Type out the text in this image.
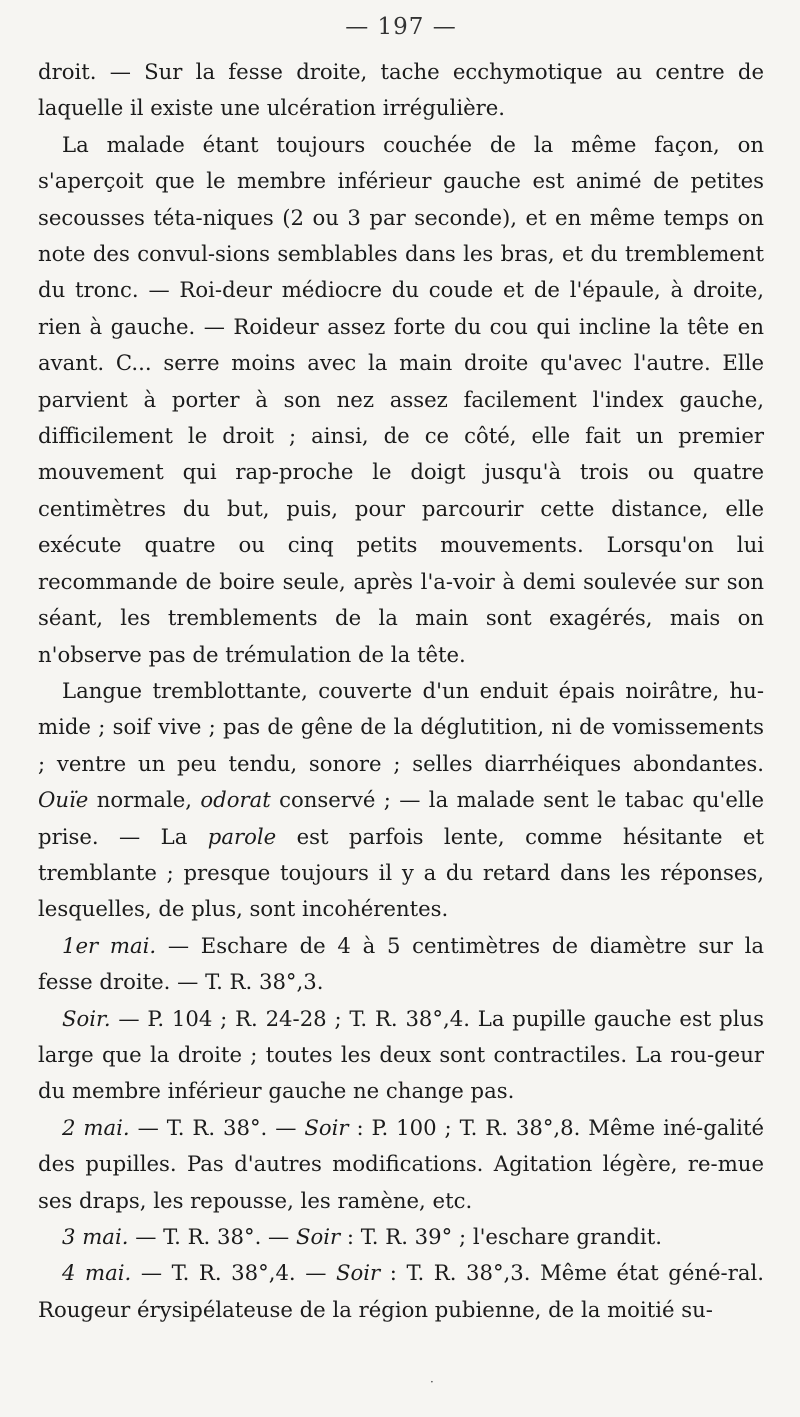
— 197 —

droit. — Sur la fesse droite, tache ecchymotique au centre de laquelle il existe une ulcération irrégulière.

La malade étant toujours couchée de la même façon, on s'aperçoit que le membre inférieur gauche est animé de petites secousses téta-niques (2 ou 3 par seconde), et en même temps on note des convul-sions semblables dans les bras, et du tremblement du tronc. — Roi-deur médiocre du coude et de l'épaule, à droite, rien à gauche. — Roideur assez forte du cou qui incline la tête en avant. C... serre moins avec la main droite qu'avec l'autre. Elle parvient à porter à son nez assez facilement l'index gauche, difficilement le droit ; ainsi, de ce côté, elle fait un premier mouvement qui rap-proche le doigt jusqu'à trois ou quatre centimètres du but, puis, pour parcourir cette distance, elle exécute quatre ou cinq petits mouvements. Lorsqu'on lui recommande de boire seule, après l'a-voir à demi soulevée sur son séant, les tremblements de la main sont exagérés, mais on n'observe pas de trémulation de la tête.

Langue tremblottante, couverte d'un enduit épais noirâtre, hu-mide ; soif vive ; pas de gêne de la déglutition, ni de vomissements ; ventre un peu tendu, sonore ; selles diarrhéiques abondantes. Ouïe normale, odorat conservé ; — la malade sent le tabac qu'elle prise. — La parole est parfois lente, comme hésitante et tremblante ; presque toujours il y a du retard dans les réponses, lesquelles, de plus, sont incohérentes.

1er mai. — Eschare de 4 à 5 centimètres de diamètre sur la fesse droite. — T. R. 38°,3.

Soir. — P. 104 ; R. 24-28 ; T. R. 38°,4. La pupille gauche est plus large que la droite ; toutes les deux sont contractiles. La rou-geur du membre inférieur gauche ne change pas.

2 mai. — T. R. 38°. — Soir : P. 100 ; T. R. 38°,8. Même iné-galité des pupilles. Pas d'autres modifications. Agitation légère, re-mue ses draps, les repousse, les ramène, etc.

3 mai. — T. R. 38°. — Soir : T. R. 39° ; l'eschare grandit.

4 mai. — T. R. 38°,4. — Soir : T. R. 38°,3. Même état géné-ral. Rougeur érysipélateuse de la région pubienne, de la moitié su-

·
